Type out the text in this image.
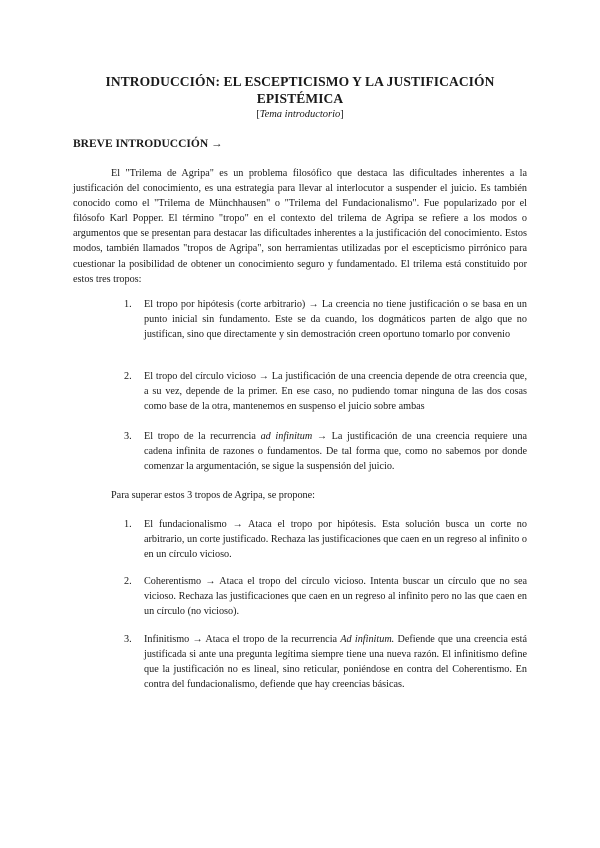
INTRODUCCIÓN: EL ESCEPTICISMO Y LA JUSTIFICACIÓN EPISTÉMICA
[Tema introductorio]
BREVE INTRODUCCIÓN →

El "Trilema de Agripa" es un problema filosófico que destaca las dificultades inherentes a la justificación del conocimiento, es una estrategia para llevar al interlocutor a suspender el juicio. Es también conocido como el "Trilema de Münchhausen" o "Trilema del Fundacionalismo". Fue popularizado por el filósofo Karl Popper. El término "tropo" en el contexto del trilema de Agripa se refiere a los modos o argumentos que se presentan para destacar las dificultades inherentes a la justificación del conocimiento. Estos modos, también llamados "tropos de Agripa", son herramientas utilizadas por el escepticismo pirrónico para cuestionar la posibilidad de obtener un conocimiento seguro y fundamentado. El trilema está constituido por estos tres tropos:

1. El tropo por hipótesis (corte arbitrario) → La creencia no tiene justificación o se basa en un punto inicial sin fundamento. Este se da cuando, los dogmáticos parten de algo que no justifican, sino que directamente y sin demostración creen oportuno tomarlo por convenio
2. El tropo del círculo vicioso → La justificación de una creencia depende de otra creencia que, a su vez, depende de la primer. En ese caso, no pudiendo tomar ninguna de las dos cosas como base de la otra, mantenemos en suspenso el juicio sobre ambas
3. El tropo de la recurrencia ad infinitum → La justificación de una creencia requiere una cadena infinita de razones o fundamentos. De tal forma que, como no sabemos por donde comenzar la argumentación, se sigue la suspensión del juicio.

Para superar estos 3 tropos de Agripa, se propone:

1. El fundacionalismo → Ataca el tropo por hipótesis. Esta solución busca un corte no arbitrario, un corte justificado. Rechaza las justificaciones que caen en un regreso al infinito o en un círculo vicioso.
2. Coherentismo → Ataca el tropo del círculo vicioso. Intenta buscar un círculo que no sea vicioso. Rechaza las justificaciones que caen en un regreso al infinito pero no las que caen en un círculo (no vicioso).
3. Infinitismo → Ataca el tropo de la recurrencia Ad infinitum. Defiende que una creencia está justificada si ante una pregunta legítima siempre tiene una nueva razón. El infinitismo define que la justificación no es lineal, sino reticular, poniéndose en contra del Coherentismo. En contra del fundacionalismo, defiende que hay creencias básicas.
